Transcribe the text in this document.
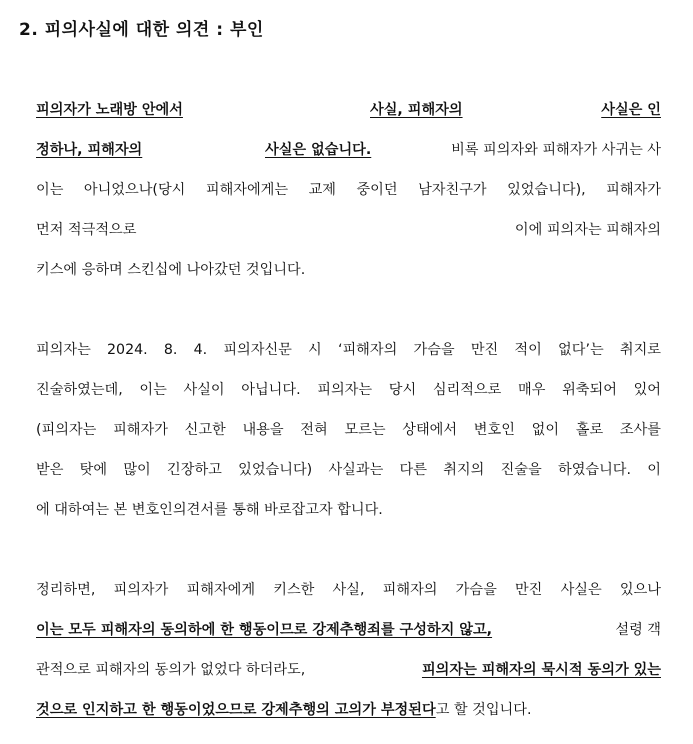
2. 피의사실에 대한 의견 : 부인
피의자가 노래방 안에서	사실, 피해자의	사실은 인
정하나, 피해자의	사실은 없습니다.	비록 피의자와 피해자가 사귀는 사
이는 아니었으나(당시 피해자에게는 교제 중이던 남자친구가 있었습니다), 피해자가
먼저 적극적으로	이에 피의자는 피해자의
키스에 응하며 스킨십에 나아갔던 것입니다.
피의자는 2024. 8. 4. 피의자신문 시 ‘피해자의 가슴을 만진 적이 없다’는 취지로
진술하였는데, 이는 사실이 아닙니다. 피의자는 당시 심리적으로 매우 위축되어 있어
(피의자는 피해자가 신고한 내용을 전혀 모르는 상태에서 변호인 없이 홀로 조사를
받은 탓에 많이 긴장하고 있었습니다) 사실과는 다른 취지의 진술을 하였습니다. 이
에 대하여는 본 변호인의견서를 통해 바로잡고자 합니다.
정리하면, 피의자가 피해자에게 키스한 사실, 피해자의 가슴을 만진 사실은 있으나
이는 모두 피해자의 동의하에 한 행동이므로 강제추행죄를 구성하지 않고,	설령 객
관적으로 피해자의 동의가 없었다 하더라도,	피의자는 피해자의 묵시적 동의가 있는
것으로 인지하고 한 행동이었으므로 강제추행의 고의가 부정된다고 할 것입니다.
